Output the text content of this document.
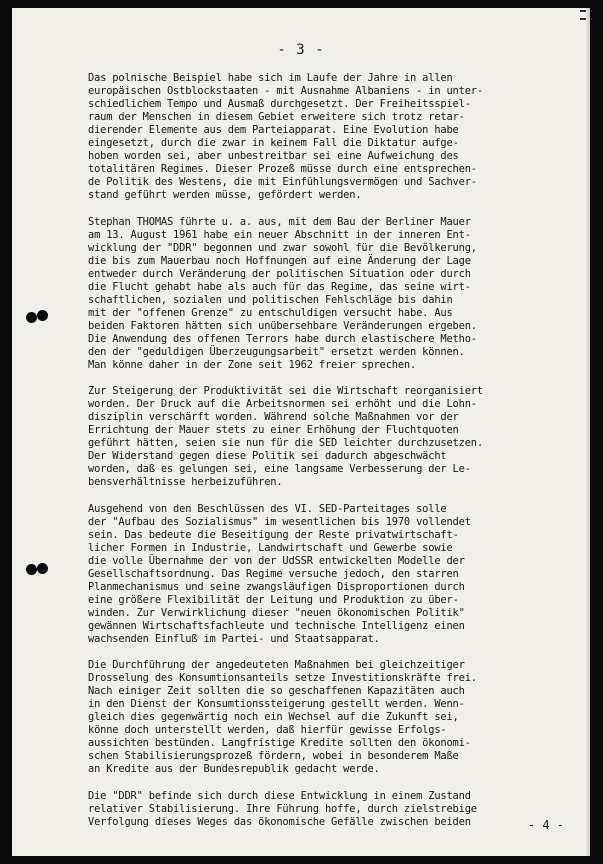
- 3 -
Das polnische Beispiel habe sich im Laufe der Jahre in allen
europäischen Ostblockstaaten - mit Ausnahme Albaniens - in unter-
schiedlichem Tempo und Ausmaß durchgesetzt. Der Freiheitsspiel-
raum der Menschen in diesem Gebiet erweitere sich trotz retar-
dierender Elemente aus dem Parteiapparat. Eine Evolution habe
eingesetzt, durch die zwar in keinem Fall die Diktatur aufge-
hoben worden sei, aber unbestreitbar sei eine Aufweichung des
totalitären Regimes. Dieser Prozeß müsse durch eine entsprechen-
de Politik des Westens, die mit Einfühlungsvermögen und Sachver-
stand geführt werden müsse, gefördert werden.
Stephan THOMAS führte u. a. aus, mit dem Bau der Berliner Mauer
am 13. August 1961 habe ein neuer Abschnitt in der inneren Ent-
wicklung der "DDR" begonnen und zwar sowohl für die Bevölkerung,
die bis zum Mauerbau noch Hoffnungen auf eine Änderung der Lage
entweder durch Veränderung der politischen Situation oder durch
die Flucht gehabt habe als auch für das Regime, das seine wirt-
schaftlichen, sozialen und politischen Fehlschläge bis dahin
mit der "offenen Grenze" zu entschuldigen versucht habe. Aus
beiden Faktoren hätten sich unübersehbare Veränderungen ergeben.
Die Anwendung des offenen Terrors habe durch elastischere Metho-
den der "geduldigen Überzeugungsarbeit" ersetzt werden können.
Man könne daher in der Zone seit 1962 freier sprechen.
Zur Steigerung der Produktivität sei die Wirtschaft reorganisiert
worden. Der Druck auf die Arbeitsnormen sei erhöht und die Lohn-
disziplin verschärft worden. Während solche Maßnahmen vor der
Errichtung der Mauer stets zu einer Erhöhung der Fluchtquoten
geführt hätten, seien sie nun für die SED leichter durchzusetzen.
Der Widerstand gegen diese Politik sei dadurch abgeschwächt
worden, daß es gelungen sei, eine langsame Verbesserung der Le-
bensverhältnisse herbeizuführen.
Ausgehend von den Beschlüssen des VI. SED-Parteitages solle
der "Aufbau des Sozialismus" im wesentlichen bis 1970 vollendet
sein. Das bedeute die Beseitigung der Reste privatwirtschaft-
licher Formen in Industrie, Landwirtschaft und Gewerbe sowie
die volle Übernahme der von der UdSSR entwickelten Modelle der
Gesellschaftsordnung. Das Regime versuche jedoch, den starren
Planmechanismus und seine zwangsläufigen Disproportionen durch
eine größere Flexibilität der Leitung und Produktion zu über-
winden. Zur Verwirklichung dieser "neuen ökonomischen Politik"
gewännen Wirtschaftsfachleute und technische Intelligenz einen
wachsenden Einfluß im Partei- und Staatsapparat.
Die Durchführung der angedeuteten Maßnahmen bei gleichzeitiger
Drosselung des Konsumtionsanteils setze Investitionskräfte frei.
Nach einiger Zeit sollten die so geschaffenen Kapazitäten auch
in den Dienst der Konsumtionssteigerung gestellt werden. Wenn-
gleich dies gegenwärtig noch ein Wechsel auf die Zukunft sei,
könne doch unterstellt werden, daß hierfür gewisse Erfolgs-
aussichten bestünden. Langfristige Kredite sollten den ökonomi-
schen Stabilisierungsprozeß fördern, wobei in besonderem Maße
an Kredite aus der Bundesrepublik gedacht werde.
Die "DDR" befinde sich durch diese Entwicklung in einem Zustand
relativer Stabilisierung. Ihre Führung hoffe, durch zielstrebige
Verfolgung dieses Weges das ökonomische Gefälle zwischen beiden	- 4 -
